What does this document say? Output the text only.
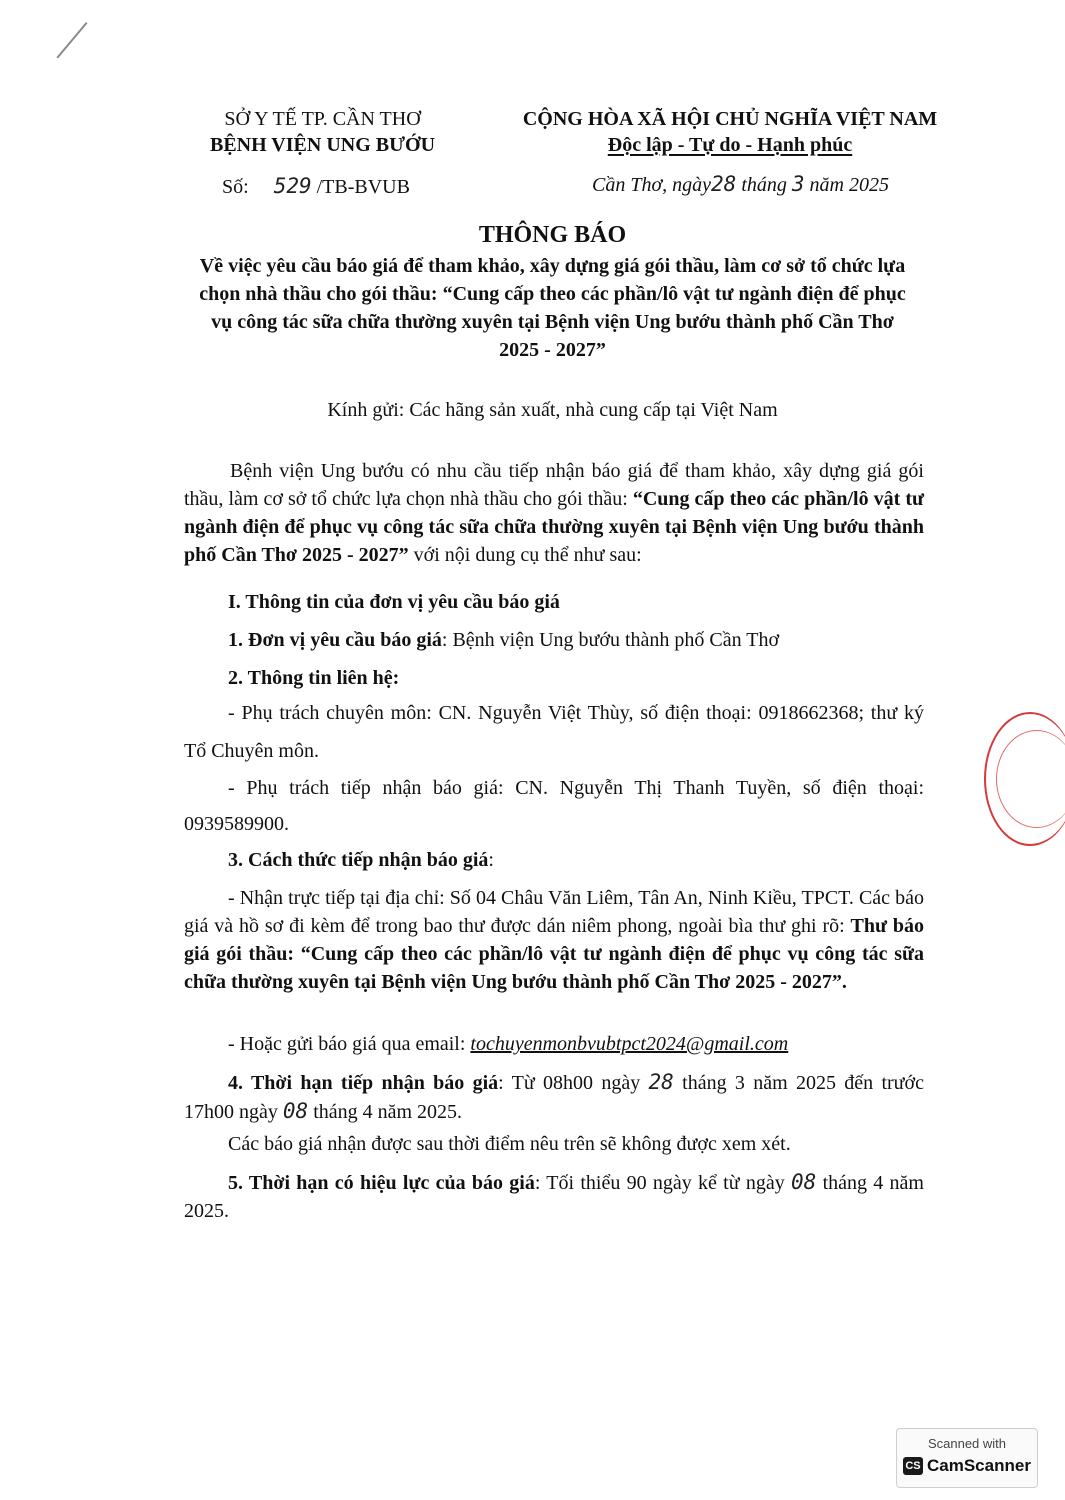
SỞ Y TẾ TP. CẦN THƠ
BỆNH VIỆN UNG BƯỚU
CỘNG HÒA XÃ HỘI CHỦ NGHĨA VIỆT NAM
Độc lập - Tự do - Hạnh phúc
Số: 529 /TB-BVUB	Cần Thơ, ngày28 tháng 3 năm 2025
THÔNG BÁO
Về việc yêu cầu báo giá để tham khảo, xây dựng giá gói thầu, làm cơ sở tổ chức lựa chọn nhà thầu cho gói thầu: “Cung cấp theo các phần/lô vật tư ngành điện để phục vụ công tác sữa chữa thường xuyên tại Bệnh viện Ung bướu thành phố Cần Thơ 2025 - 2027”
Kính gửi: Các hãng sản xuất, nhà cung cấp tại Việt Nam
Bệnh viện Ung bướu có nhu cầu tiếp nhận báo giá để tham khảo, xây dựng giá gói thầu, làm cơ sở tổ chức lựa chọn nhà thầu cho gói thầu: “Cung cấp theo các phần/lô vật tư ngành điện để phục vụ công tác sữa chữa thường xuyên tại Bệnh viện Ung bướu thành phố Cần Thơ 2025 - 2027” với nội dung cụ thể như sau:
I. Thông tin của đơn vị yêu cầu báo giá
1. Đơn vị yêu cầu báo giá: Bệnh viện Ung bướu thành phố Cần Thơ
2. Thông tin liên hệ:
- Phụ trách chuyên môn: CN. Nguyễn Việt Thùy, số điện thoại: 0918662368; thư ký Tổ Chuyên môn.
- Phụ trách tiếp nhận báo giá: CN. Nguyễn Thị Thanh Tuyền, số điện thoại: 0939589900.
3. Cách thức tiếp nhận báo giá:
- Nhận trực tiếp tại địa chỉ: Số 04 Châu Văn Liêm, Tân An, Ninh Kiều, TPCT. Các báo giá và hồ sơ đi kèm để trong bao thư được dán niêm phong, ngoài bìa thư ghi rõ: Thư báo giá gói thầu: “Cung cấp theo các phần/lô vật tư ngành điện để phục vụ công tác sữa chữa thường xuyên tại Bệnh viện Ung bướu thành phố Cần Thơ 2025 - 2027”.
- Hoặc gửi báo giá qua email: tochuyenmonbvubtpct2024@gmail.com
4. Thời hạn tiếp nhận báo giá: Từ 08h00 ngày 28 tháng 3 năm 2025 đến trước 17h00 ngày 08 tháng 4 năm 2025.
Các báo giá nhận được sau thời điểm nêu trên sẽ không được xem xét.
5. Thời hạn có hiệu lực của báo giá: Tối thiểu 90 ngày kể từ ngày 08 tháng 4 năm 2025.
Scanned with
CS CamScanner
